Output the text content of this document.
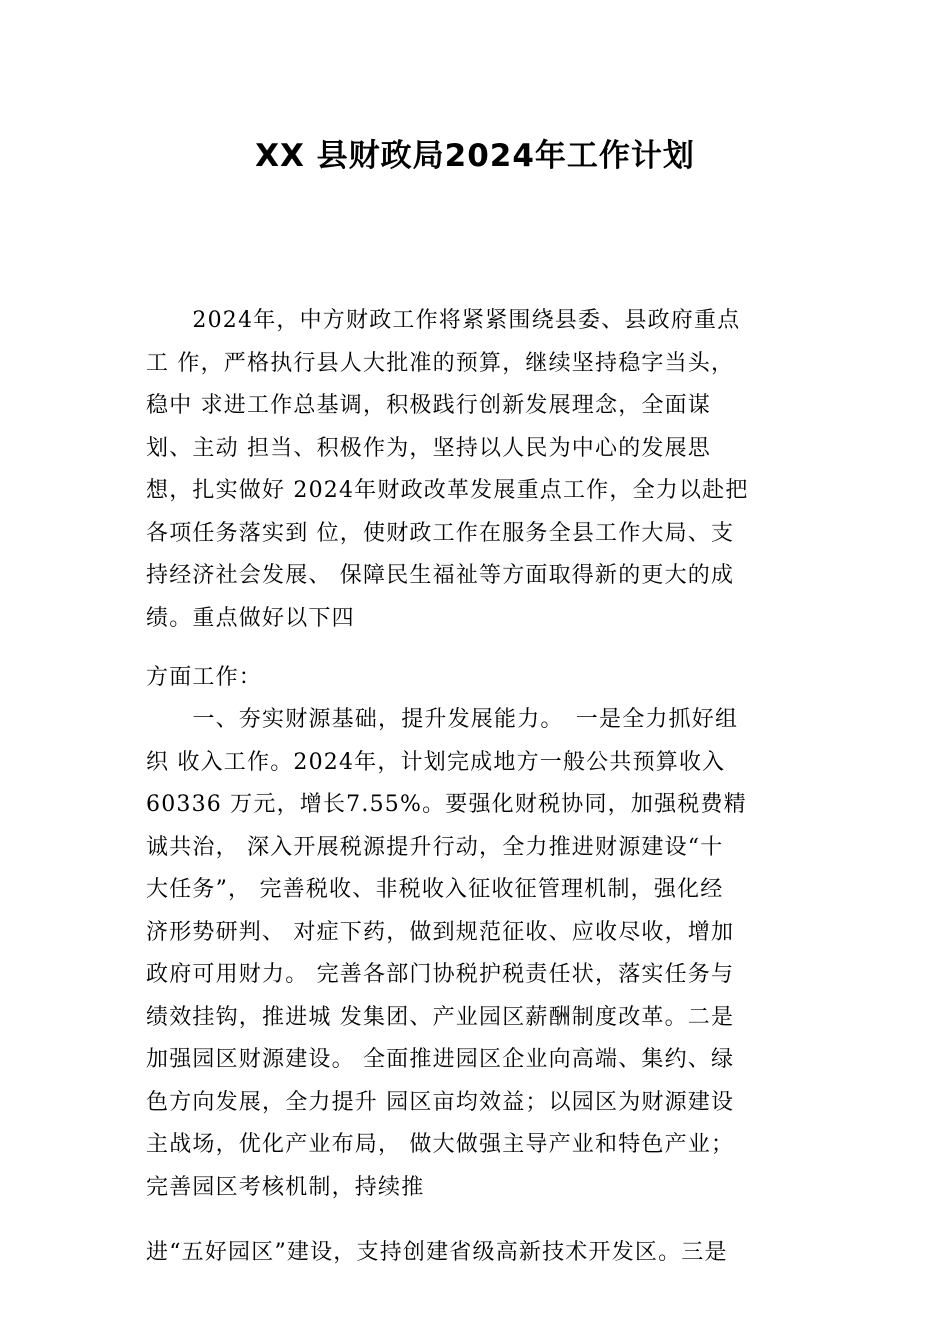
XX 县财政局2024年工作计划
　　2024年，中方财政工作将紧紧围绕县委、县政府重点
工 作，严格执行县人大批准的预算，继续坚持稳字当头，
稳中 求进工作总基调，积极践行创新发展理念，全面谋
划、主动 担当、积极作为，坚持以人民为中心的发展思
想，扎实做好 2024年财政改革发展重点工作，全力以赴把
各项任务落实到 位，使财政工作在服务全县工作大局、支
持经济社会发展、 保障民生福祉等方面取得新的更大的成
绩。重点做好以下四
方面工作：
　　一、夯实财源基础，提升发展能力。　一是全力抓好组
织 收入工作。2024年，计划完成地方一般公共预算收入
60336 万元，增长7.55%。要强化财税协同，加强税费精
诚共治， 深入开展税源提升行动，全力推进财源建设“十
大任务”， 完善税收、非税收入征收征管理机制，强化经
济形势研判、 对症下药，做到规范征收、应收尽收，增加
政府可用财力。 完善各部门协税护税责任状，落实任务与
绩效挂钩，推进城 发集团、产业园区薪酬制度改革。二是
加强园区财源建设。 全面推进园区企业向高端、集约、绿
色方向发展，全力提升 园区亩均效益；以园区为财源建设
主战场，优化产业布局， 做大做强主导产业和特色产业；
完善园区考核机制，持续推
进“五好园区”建设，支持创建省级高新技术开发区。三是
